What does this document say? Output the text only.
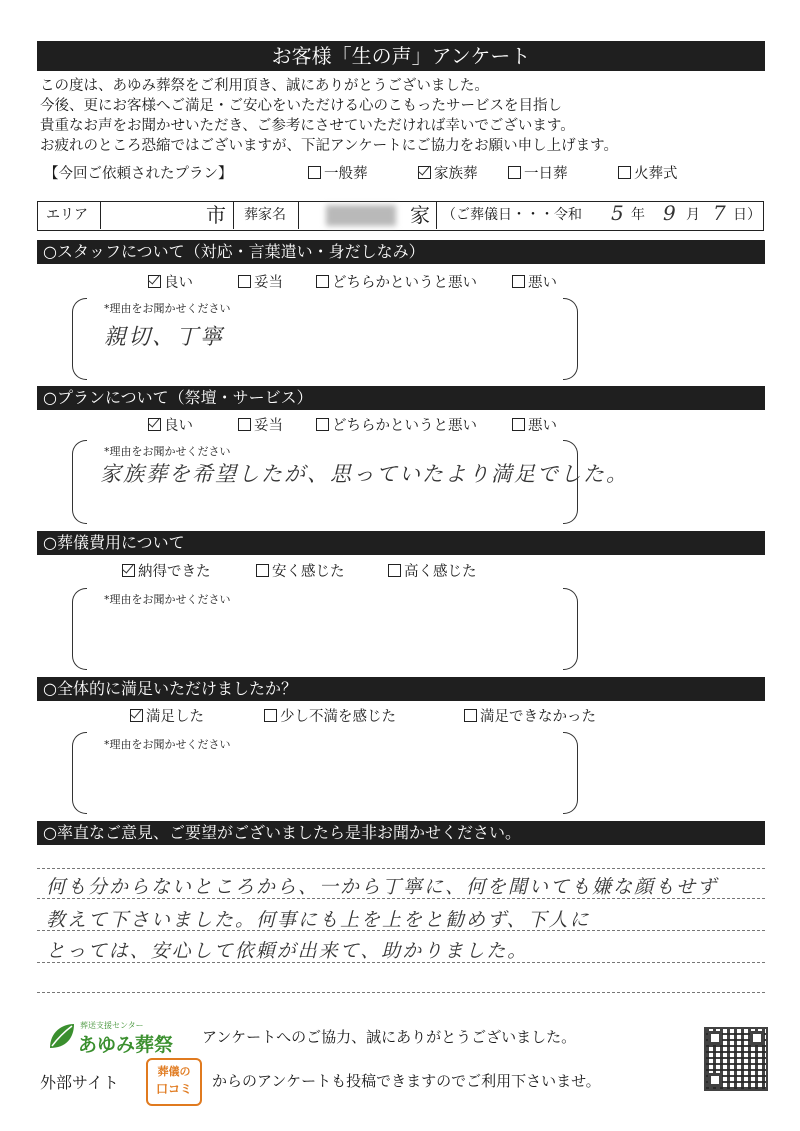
お客様「生の声」アンケート
この度は、あゆみ葬祭をご利用頂き、誠にありがとうございました。
今後、更にお客様へご満足・ご安心をいただける心のこもったサービスを目指し
貴重なお声をお聞かせいただき、ご参考にさせていただければ幸いでございます。
お疲れのところ恐縮ではございますが、下記アンケートにご協力をお願い申し上げます。
【今回ご依頼されたプラン】	一般葬	家族葬	一日葬	火葬式
エリア	市 葬家名	家 （ご葬儀日・・・令和 5 年 9 月 7 日）
○スタッフについて（対応・言葉遣い・身だしなみ）
良い	妥当	どちらかというと悪い	悪い
*理由をお聞かせください
親切、丁寧
○プランについて（祭壇・サービス）
良い	妥当	どちらかというと悪い	悪い
*理由をお聞かせください
家族葬を希望したが、思っていたより満足でした。
○葬儀費用について
納得できた	安く感じた	高く感じた
*理由をお聞かせください
○全体的に満足いただけましたか？
満足した	少し不満を感じた	満足できなかった
*理由をお聞かせください
○率直なご意見、ご要望がございましたら是非お聞かせください。
何も分からないところから、一から丁寧に、何を聞いても嫌な顔もせず
教えて下さいました。何事にも上を上をと勧めず、下人に
とっては、安心して依頼が出来て、助かりました。
葬送支援センター
あゆみ葬祭 アンケートへのご協力、誠にありがとうございました。
外部サイト
葬儀の
口コミ	からのアンケートも投稿できますのでご利用下さいませ。
